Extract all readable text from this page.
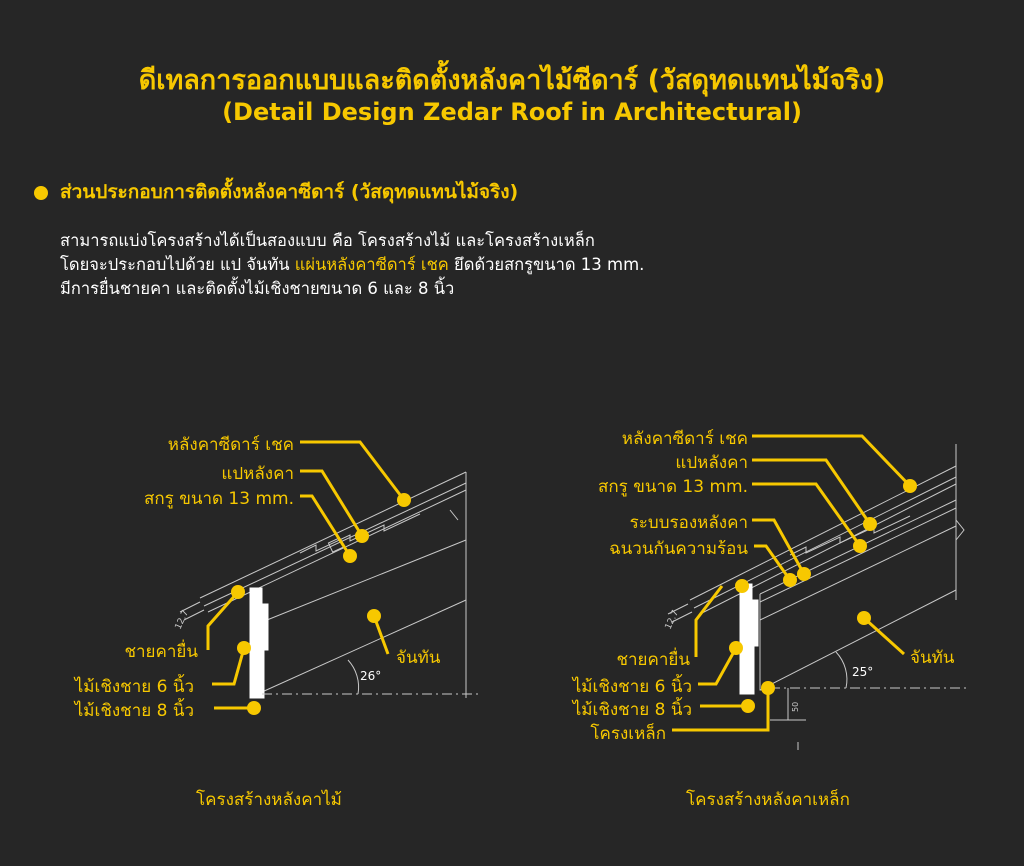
ดีเทลการออกแบบและติดตั้งหลังคาไม้ซีดาร์ (วัสดุทดแทนไม้จริง)
(Detail Design Zedar Roof in Architectural)
ส่วนประกอบการติดตั้งหลังคาซีดาร์ (วัสดุทดแทนไม้จริง)
สามารถแบ่งโครงสร้างได้เป็นสองแบบ คือ โครงสร้างไม้ และโครงสร้างเหล็ก
โดยจะประกอบไปด้วย แป จันทัน แผ่นหลังคาซีดาร์ เชค ยึดด้วยสกรูขนาด 13 mm.
มีการยื่นชายคา และติดตั้งไม้เชิงชายขนาด 6 และ 8 นิ้ว
12.7
26°
12.7
50
25°
หลังคาซีดาร์ เชค
แปหลังคา
สกรู ขนาด 13 mm.
ชายคายื่น	จันทัน
ไม้เชิงชาย 6 นิ้ว
ไม้เชิงชาย 8 นิ้ว
โครงสร้างหลังคาไม้
หลังคาซีดาร์ เชค
แปหลังคา
สกรู ขนาด 13 mm.
ระบบรองหลังคา
ฉนวนกันความร้อน
ชายคายื่น	จันทัน
ไม้เชิงชาย 6 นิ้ว
ไม้เชิงชาย 8 นิ้ว
โครงเหล็ก
โครงสร้างหลังคาเหล็ก
